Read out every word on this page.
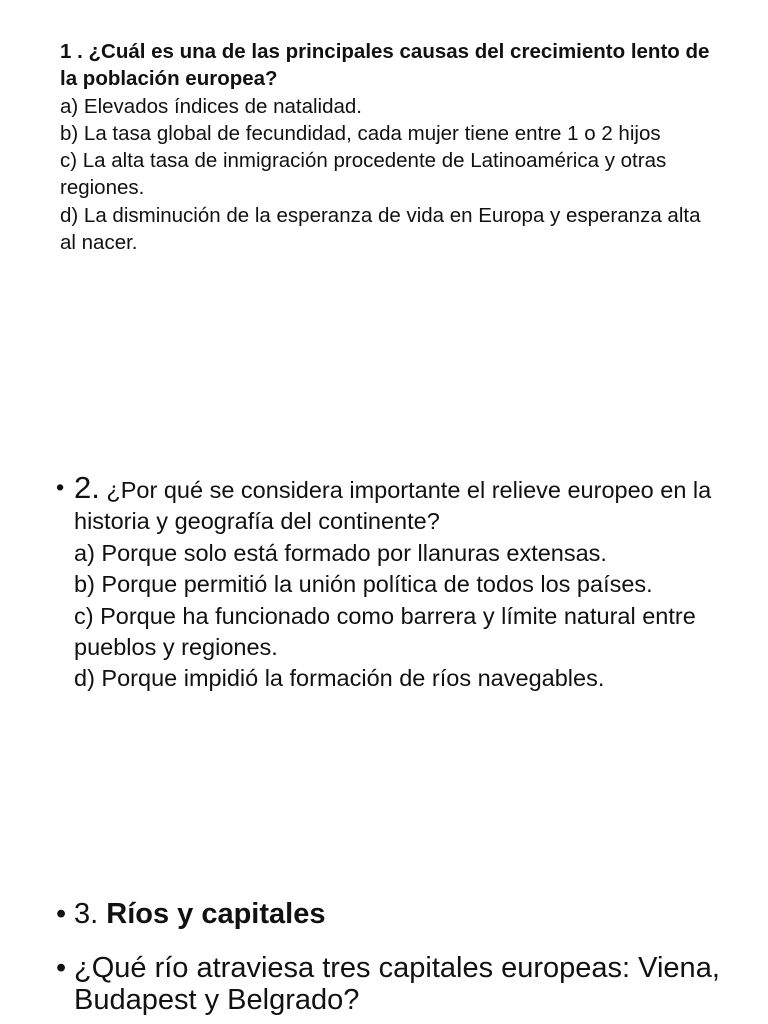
1 . ¿Cuál es una de las principales causas del crecimiento lento de la población europea?
a) Elevados índices de natalidad.
b) La tasa global de fecundidad, cada mujer tiene entre 1 o 2 hijos
c) La alta tasa de inmigración procedente de Latinoamérica y otras regiones.
d) La disminución de la esperanza de vida en Europa y esperanza alta al nacer.
• 2. ¿Por qué se considera importante el relieve europeo en la historia y geografía del continente?
a) Porque solo está formado por llanuras extensas.
b) Porque permitió la unión política de todos los países.
c) Porque ha funcionado como barrera y límite natural entre pueblos y regiones.
d) Porque impidió la formación de ríos navegables.
• 3. Ríos y capitales
• ¿Qué río atraviesa tres capitales europeas: Viena, Budapest y Belgrado?
